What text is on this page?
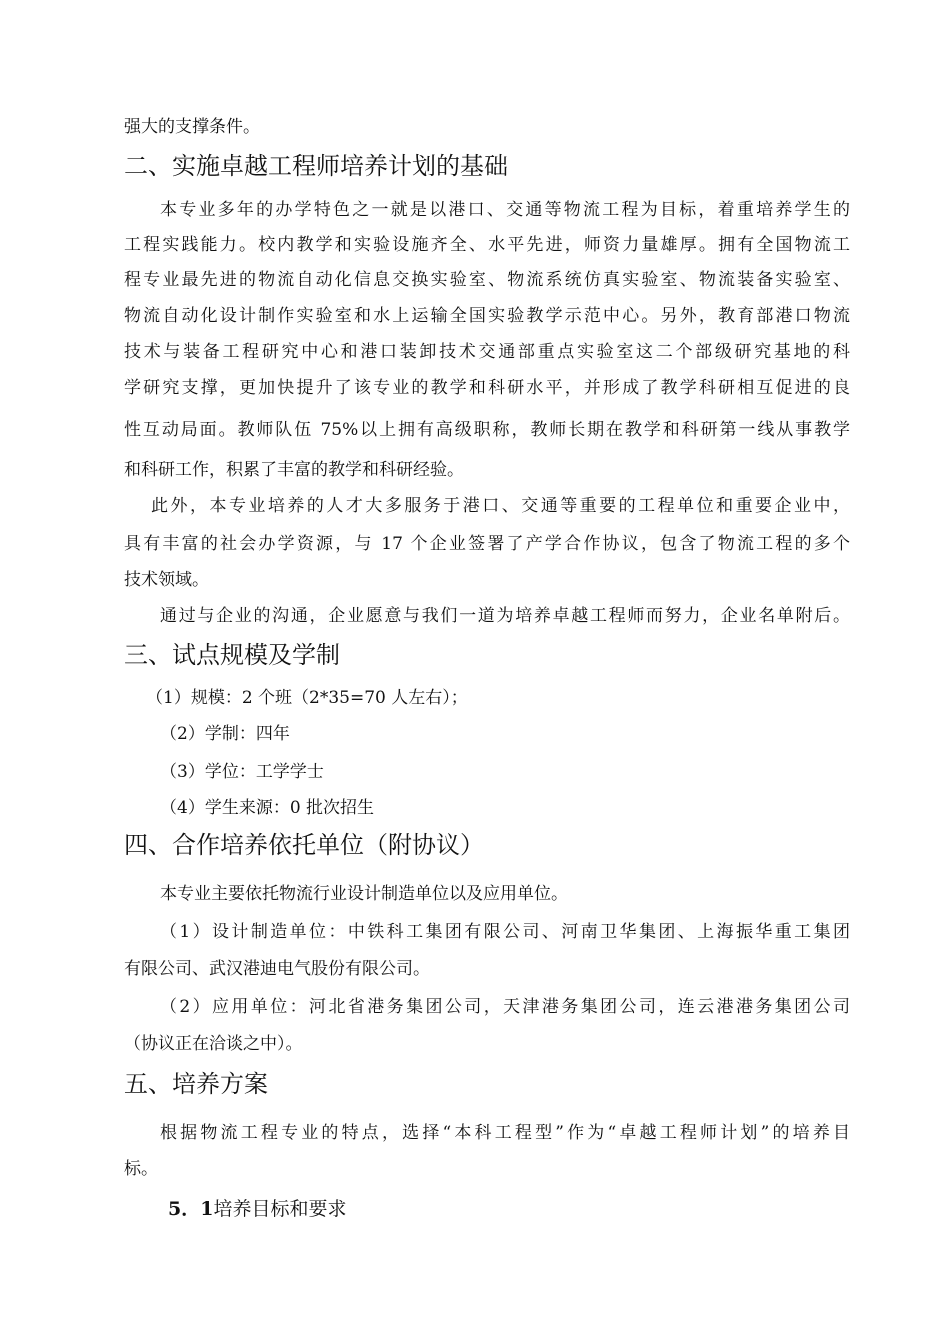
强大的支撑条件。
二、实施卓越工程师培养计划的基础
本专业多年的办学特色之一就是以港口、交通等物流工程为目标，着重培养学生的
工程实践能力。校内教学和实验设施齐全、水平先进，师资力量雄厚。拥有全国物流工
程专业最先进的物流自动化信息交换实验室、物流系统仿真实验室、物流装备实验室、
物流自动化设计制作实验室和水上运输全国实验教学示范中心。另外，教育部港口物流
技术与装备工程研究中心和港口装卸技术交通部重点实验室这二个部级研究基地的科
学研究支撑，更加快提升了该专业的教学和科研水平，并形成了教学科研相互促进的良
性互动局面。教师队伍 75%以上拥有高级职称，教师长期在教学和科研第一线从事教学
和科研工作，积累了丰富的教学和科研经验。
此外，本专业培养的人才大多服务于港口、交通等重要的工程单位和重要企业中，
具有丰富的社会办学资源，与 17 个企业签署了产学合作协议，包含了物流工程的多个
技术领域。
通过与企业的沟通，企业愿意与我们一道为培养卓越工程师而努力，企业名单附后。
三、试点规模及学制
（1）规模：2 个班（2*35=70 人左右）；
（2）学制：四年
（3）学位：工学学士
（4）学生来源：0 批次招生
四、合作培养依托单位（附协议）
本专业主要依托物流行业设计制造单位以及应用单位。
（1）设计制造单位：中铁科工集团有限公司、河南卫华集团、上海振华重工集团
有限公司、武汉港迪电气股份有限公司。
（2）应用单位：河北省港务集团公司，天津港务集团公司，连云港港务集团公司
（协议正在洽谈之中）。
五、培养方案
根据物流工程专业的特点，选择“本科工程型”作为“卓越工程师计划”的培养目
标。
5．1培养目标和要求
